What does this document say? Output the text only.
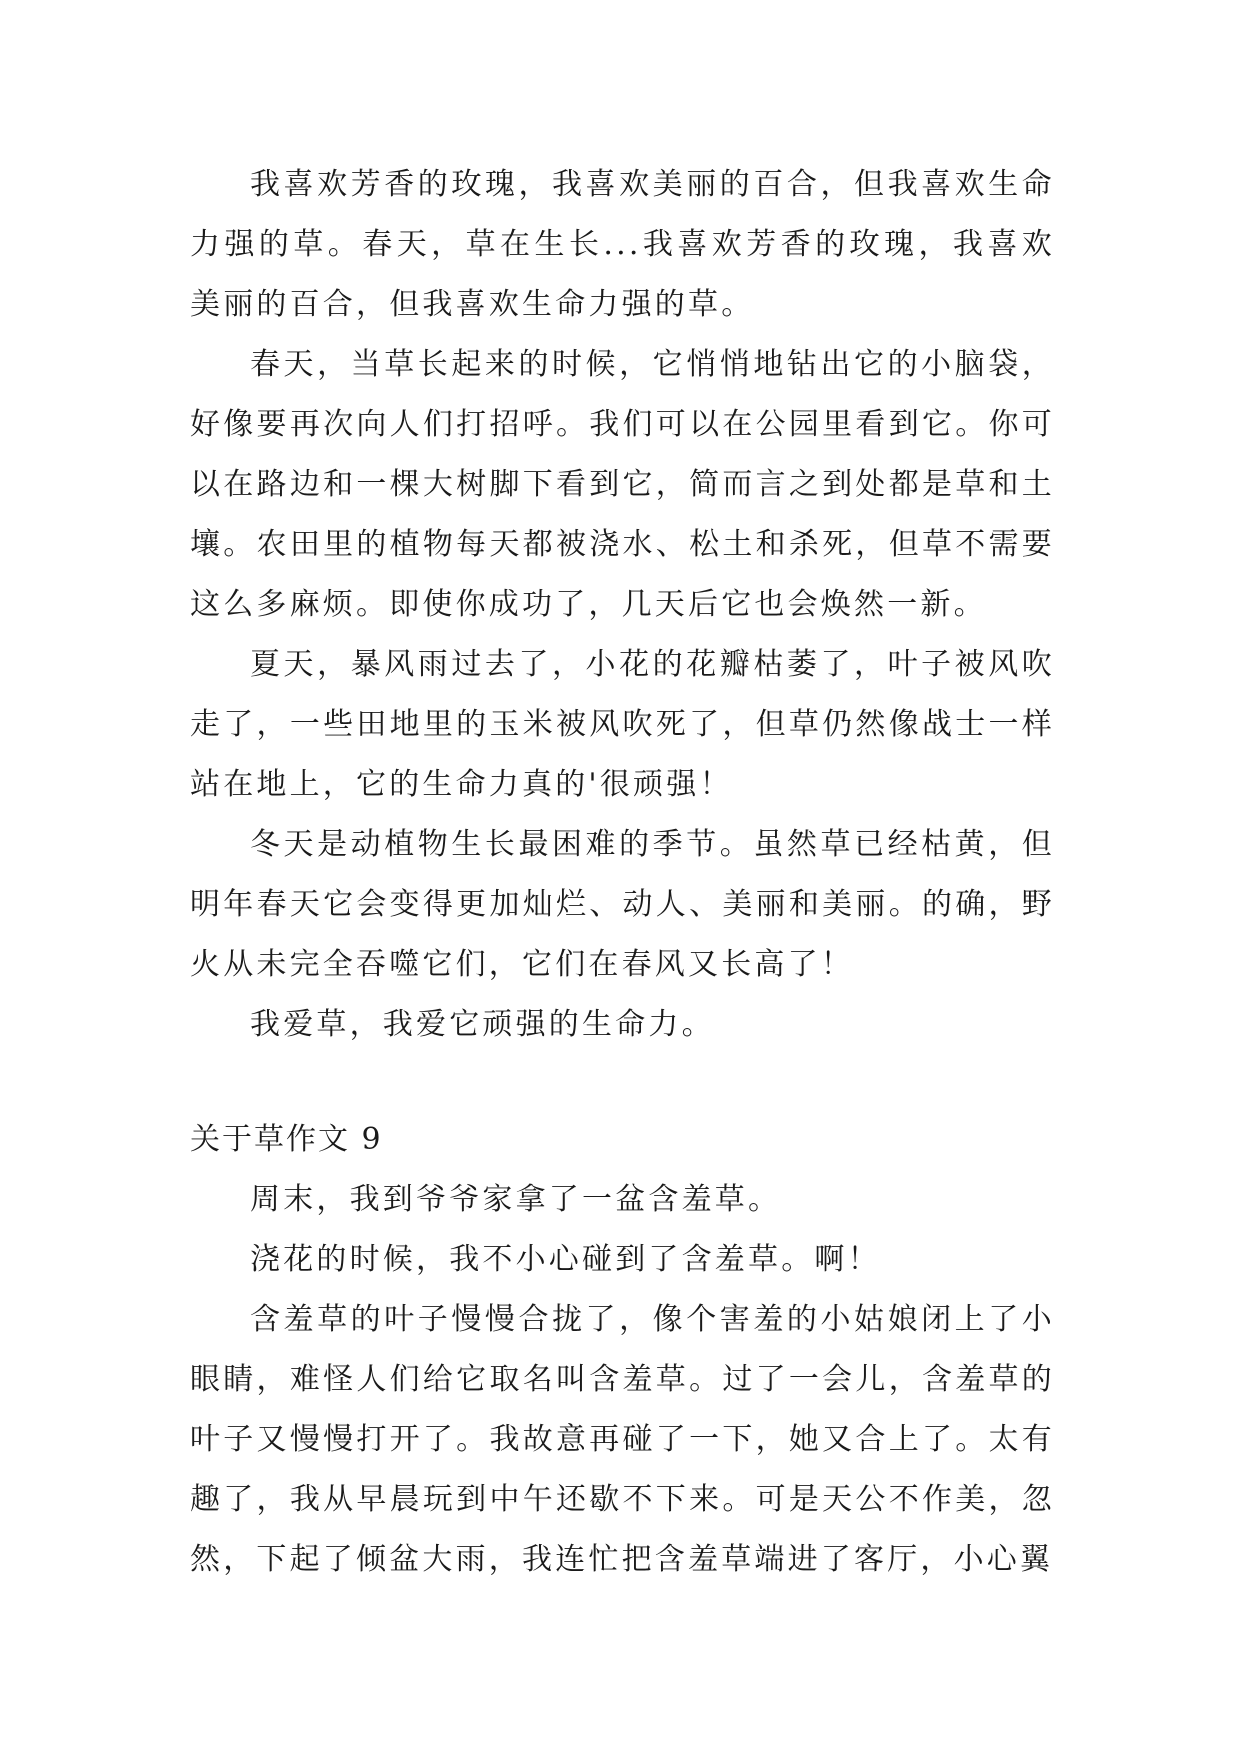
我喜欢芳香的玫瑰，我喜欢美丽的百合，但我喜欢生命力强的草。春天，草在生长...我喜欢芳香的玫瑰，我喜欢美丽的百合，但我喜欢生命力强的草。

春天，当草长起来的时候，它悄悄地钻出它的小脑袋，好像要再次向人们打招呼。我们可以在公园里看到它。你可以在路边和一棵大树脚下看到它，简而言之到处都是草和土壤。农田里的植物每天都被浇水、松土和杀死，但草不需要这么多麻烦。即使你成功了，几天后它也会焕然一新。

夏天，暴风雨过去了，小花的花瓣枯萎了，叶子被风吹走了，一些田地里的玉米被风吹死了，但草仍然像战士一样站在地上，它的生命力真的'很顽强！

冬天是动植物生长最困难的季节。虽然草已经枯黄，但明年春天它会变得更加灿烂、动人、美丽和美丽。的确，野火从未完全吞噬它们，它们在春风又长高了！

我爱草，我爱它顽强的生命力。

关于草作文 9

周末，我到爷爷家拿了一盆含羞草。

浇花的时候，我不小心碰到了含羞草。啊！

含羞草的叶子慢慢合拢了，像个害羞的小姑娘闭上了小眼睛，难怪人们给它取名叫含羞草。过了一会儿，含羞草的叶子又慢慢打开了。我故意再碰了一下，她又合上了。太有趣了，我从早晨玩到中午还歇不下来。可是天公不作美，忽然，下起了倾盆大雨，我连忙把含羞草端进了客厅，小心翼
